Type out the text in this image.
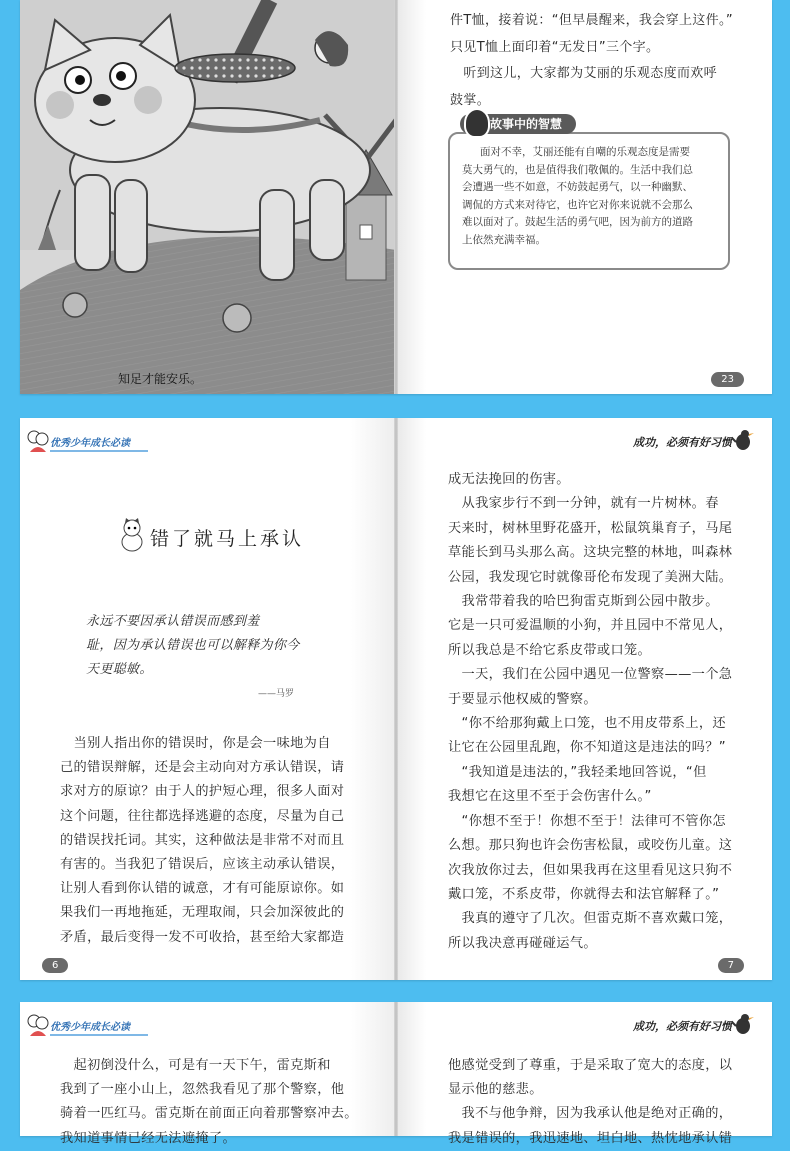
知足才能安乐。

件T恤，接着说：“但早晨醒来，我会穿上这件。”

只见T恤上面印着“无发日”三个字。

　听到这儿，大家都为艾丽的乐观态度而欢呼

鼓掌。

面对不幸，艾丽还能有自嘲的乐观态度是需要

莫大勇气的，也是值得我们敬佩的。生活中我们总

会遭遇一些不如意，不妨鼓起勇气，以一种幽默、

调侃的方式来对待它，也许它对你来说就不会那么

难以面对了。鼓起生活的勇气吧，因为前方的道路

上依然充满幸福。

故事中的智慧
23
优秀少年成长必读
错了就马上承认

永远不要因承认错误而感到羞

耻，因为承认错误也可以解释为你今

天更聪敏。

——马罗

　当别人指出你的错误时，你是会一味地为自

己的错误辩解，还是会主动向对方承认错误，请

求对方的原谅？由于人的护短心理，很多人面对

这个问题，往往都选择逃避的态度，尽量为自己

的错误找托词。其实，这种做法是非常不对而且

有害的。当我犯了错误后，应该主动承认错误，

让别人看到你认错的诚意，才有可能原谅你。如

果我们一再地拖延，无理取闹，只会加深彼此的

矛盾，最后变得一发不可收拾，甚至给大家都造

6
成功，必须有好习惯

成无法挽回的伤害。

　从我家步行不到一分钟，就有一片树林。春

天来时，树林里野花盛开，松鼠筑巢育子，马尾

草能长到马头那么高。这块完整的林地，叫森林

公园，我发现它时就像哥伦布发现了美洲大陆。

　我常带着我的哈巴狗雷克斯到公园中散步。

它是一只可爱温顺的小狗，并且园中不常见人，

所以我总是不给它系皮带或口笼。

　一天，我们在公园中遇见一位警察——一个急

于要显示他权威的警察。

　“你不给那狗戴上口笼，也不用皮带系上，还

让它在公园里乱跑，你不知道这是违法的吗？”

　“我知道是违法的，”我轻柔地回答说，“但

我想它在这里不至于会伤害什么。”

　“你想不至于！你想不至于！法律可不管你怎

么想。那只狗也许会伤害松鼠，或咬伤儿童。这

次我放你过去，但如果我再在这里看见这只狗不

戴口笼，不系皮带，你就得去和法官解释了。”

　我真的遵守了几次。但雷克斯不喜欢戴口笼，

所以我决意再碰碰运气。

7
优秀少年成长必读

　起初倒没什么，可是有一天下午，雷克斯和

我到了一座小山上，忽然我看见了那个警察，他

骑着一匹红马。雷克斯在前面正向着那警察冲去。

我知道事情已经无法遮掩了。

成功，必须有好习惯

他感觉受到了尊重，于是采取了宽大的态度，以

显示他的慈悲。

　我不与他争辩，因为我承认他是绝对正确的，

我是错误的，我迅速地、坦白地、热忱地承认错
